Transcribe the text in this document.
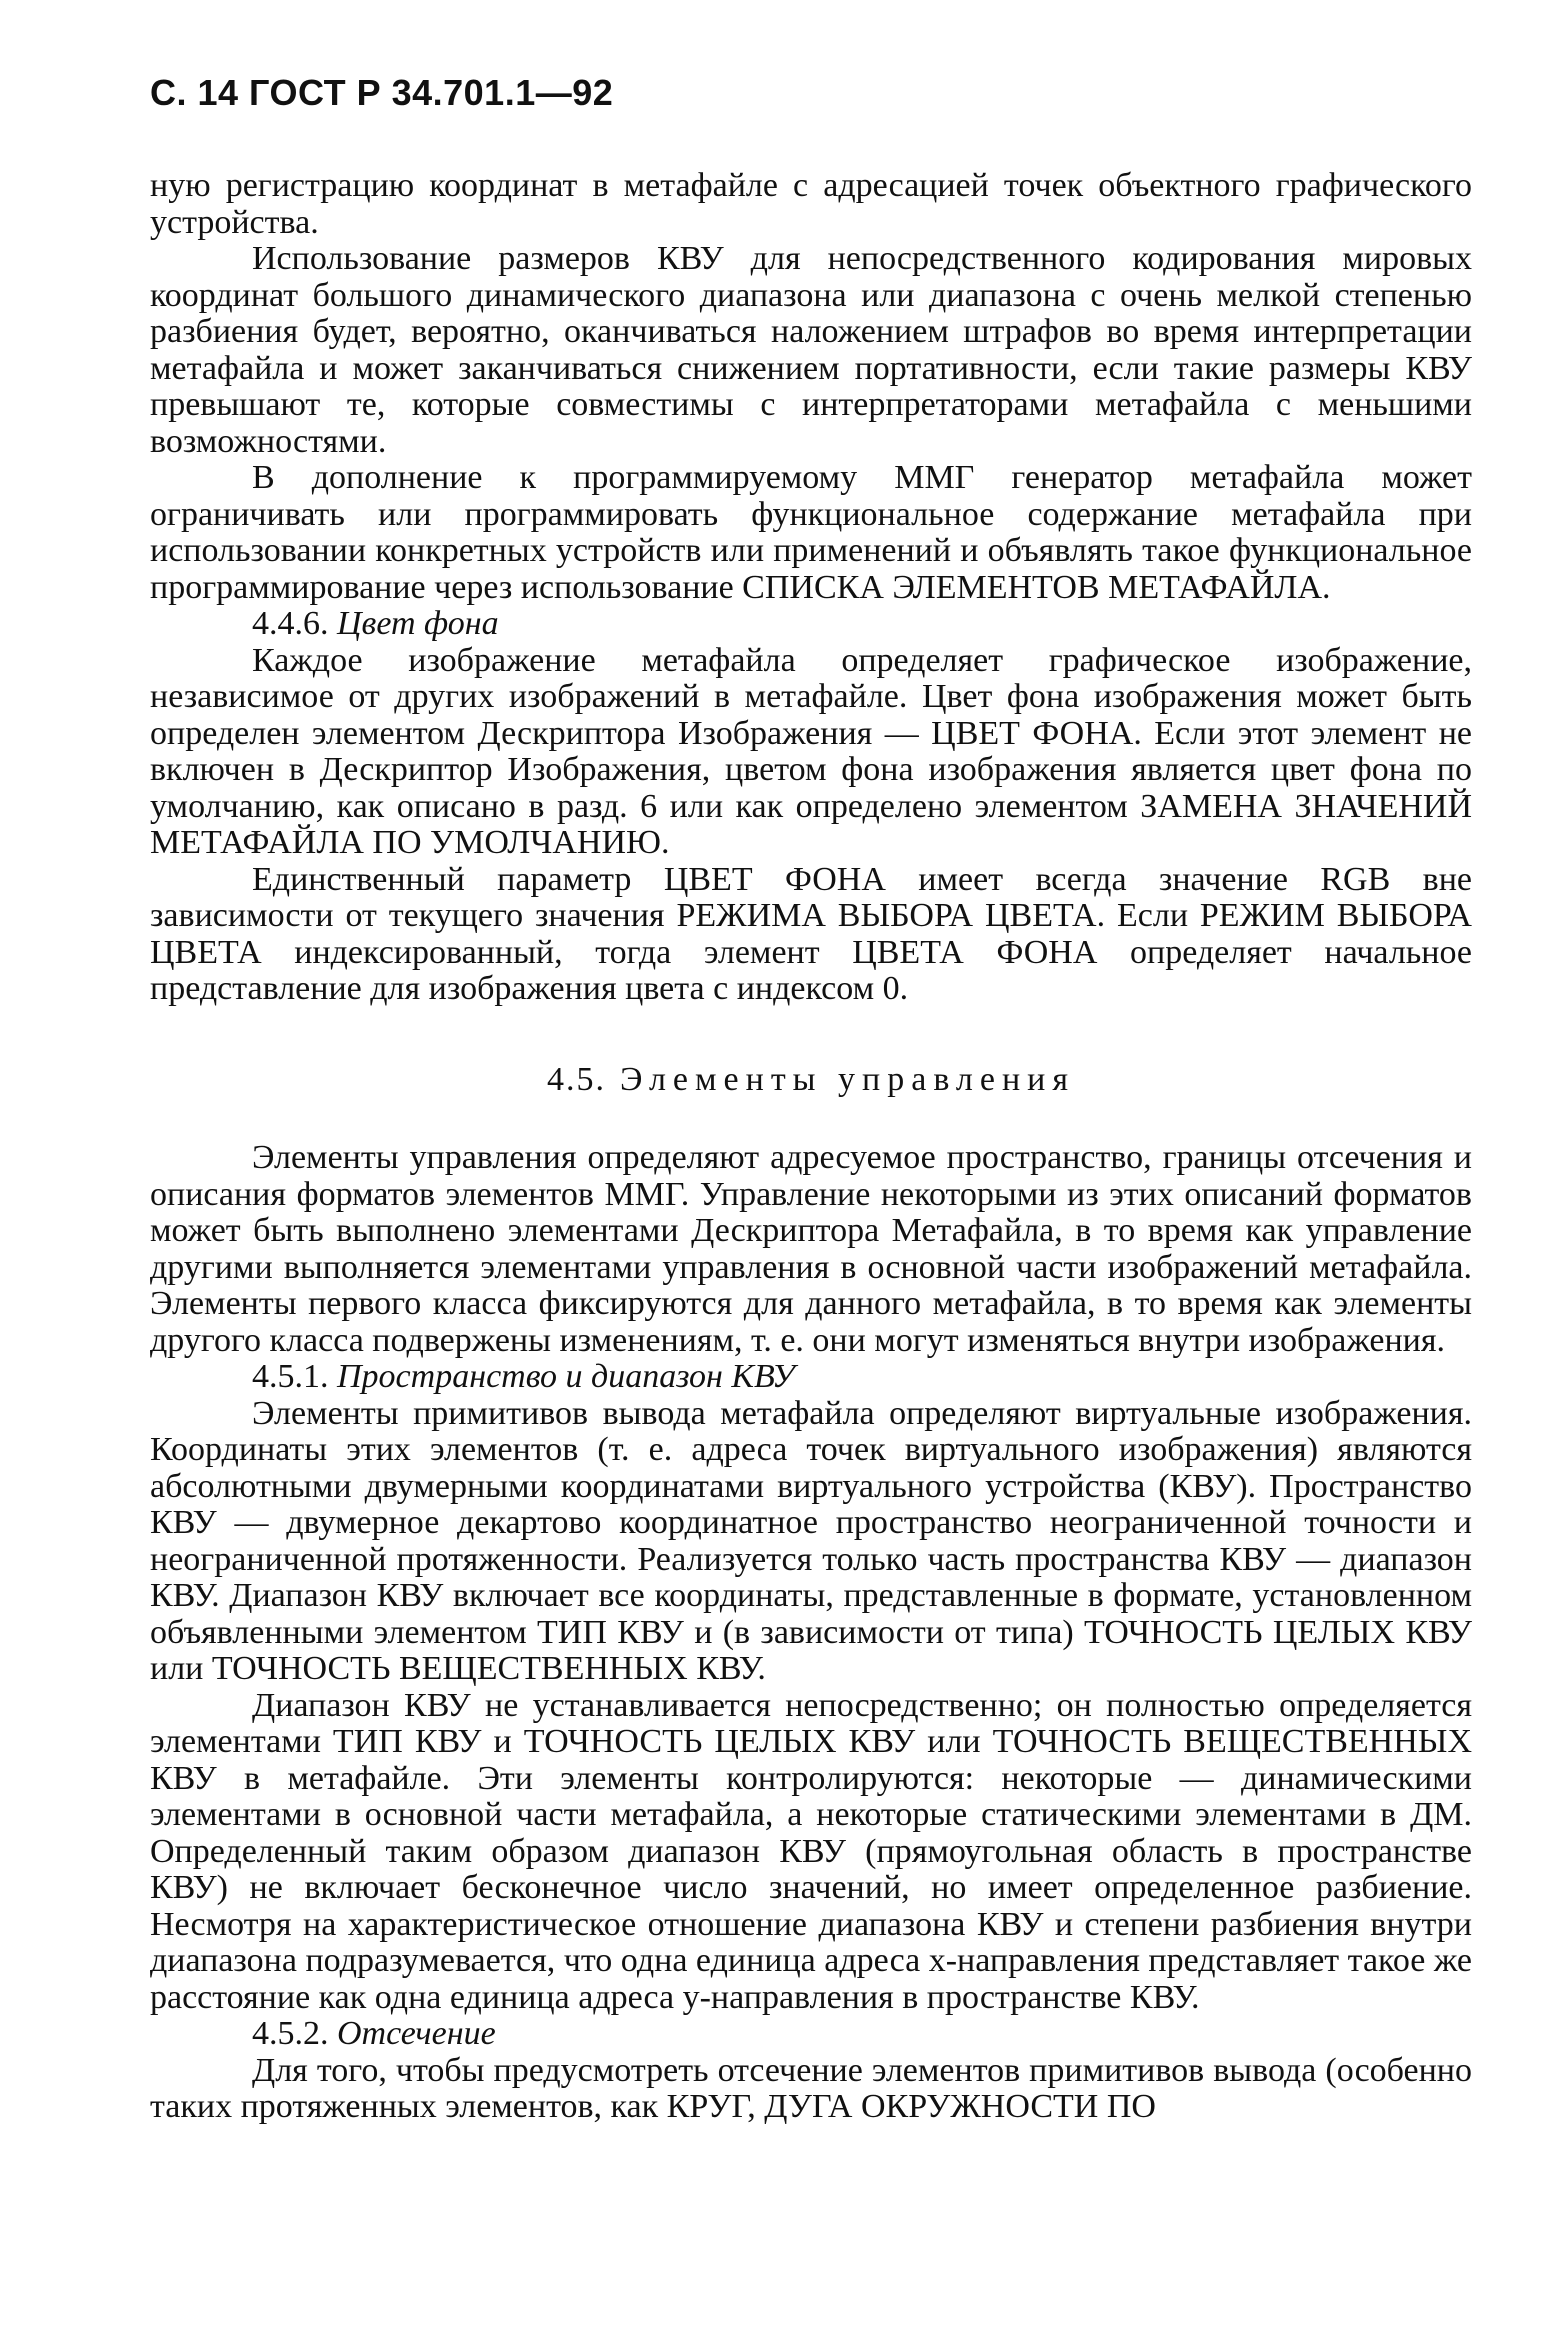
С. 14 ГОСТ Р 34.701.1—92

ную регистрацию координат в метафайле с адресацией точек объектного графического устройства.

Использование размеров КВУ для непосредственного кодирования мировых координат большого динамического диапазона или диапазона с очень мелкой степенью разбиения будет, вероятно, оканчиваться наложением штрафов во время интерпретации метафайла и может заканчиваться снижением портативности, если такие размеры КВУ превышают те, которые совместимы с интерпретаторами метафайла с меньшими возможностями.

В дополнение к программируемому ММГ генератор метафайла может ограничивать или программировать функциональное содержание метафайла при использовании конкретных устройств или применений и объявлять такое функциональное программирование через использование СПИСКА ЭЛЕМЕНТОВ МЕТАФАЙЛА.

4.4.6. Цвет фона

Каждое изображение метафайла определяет графическое изображение, независимое от других изображений в метафайле. Цвет фона изображения может быть определен элементом Дескриптора Изображения — ЦВЕТ ФОНА. Если этот элемент не включен в Дескриптор Изображения, цветом фона изображения является цвет фона по умолчанию, как описано в разд. 6 или как определено элементом ЗАМЕНА ЗНАЧЕНИЙ МЕТАФАЙЛА ПО УМОЛЧАНИЮ.

Единственный параметр ЦВЕТ ФОНА имеет всегда значение RGB вне зависимости от текущего значения РЕЖИМА ВЫБОРА ЦВЕТА. Если РЕЖИМ ВЫБОРА ЦВЕТА индексированный, тогда элемент ЦВЕТА ФОНА определяет начальное представление для изображения цвета с индексом 0.

4.5. Элементы управления

Элементы управления определяют адресуемое пространство, границы отсечения и описания форматов элементов ММГ. Управление некоторыми из этих описаний форматов может быть выполнено элементами Дескриптора Метафайла, в то время как управление другими выполняется элементами управления в основной части изображений метафайла. Элементы первого класса фиксируются для данного метафайла, в то время как элементы другого класса подвержены изменениям, т. е. они могут изменяться внутри изображения.

4.5.1. Пространство и диапазон КВУ

Элементы примитивов вывода метафайла определяют виртуальные изображения. Координаты этих элементов (т. е. адреса точек виртуального изображения) являются абсолютными двумерными координатами виртуального устройства (КВУ). Пространство КВУ — двумерное декартово координатное пространство неограниченной точности и неограниченной протяженности. Реализуется только часть пространства КВУ — диапазон КВУ. Диапазон КВУ включает все координаты, представленные в формате, установленном объявленными элементом ТИП КВУ и (в зависимости от типа) ТОЧНОСТЬ ЦЕЛЫХ КВУ или ТОЧНОСТЬ ВЕЩЕСТВЕННЫХ КВУ.

Диапазон КВУ не устанавливается непосредственно; он полностью определяется элементами ТИП КВУ и ТОЧНОСТЬ ЦЕЛЫХ КВУ или ТОЧНОСТЬ ВЕЩЕСТВЕННЫХ КВУ в метафайле. Эти элементы контролируются: некоторые — динамическими элементами в основной части метафайла, а некоторые статическими элементами в ДМ. Определенный таким образом диапазон КВУ (прямоугольная область в пространстве КВУ) не включает бесконечное число значений, но имеет определенное разбиение. Несмотря на характеристическое отношение диапазона КВУ и степени разбиения внутри диапазона подразумевается, что одна единица адреса x-направления представляет такое же расстояние как одна единица адреса y-направления в пространстве КВУ.

4.5.2. Отсечение

Для того, чтобы предусмотреть отсечение элементов примитивов вывода (особенно таких протяженных элементов, как КРУГ, ДУГА ОКРУЖНОСТИ ПО
